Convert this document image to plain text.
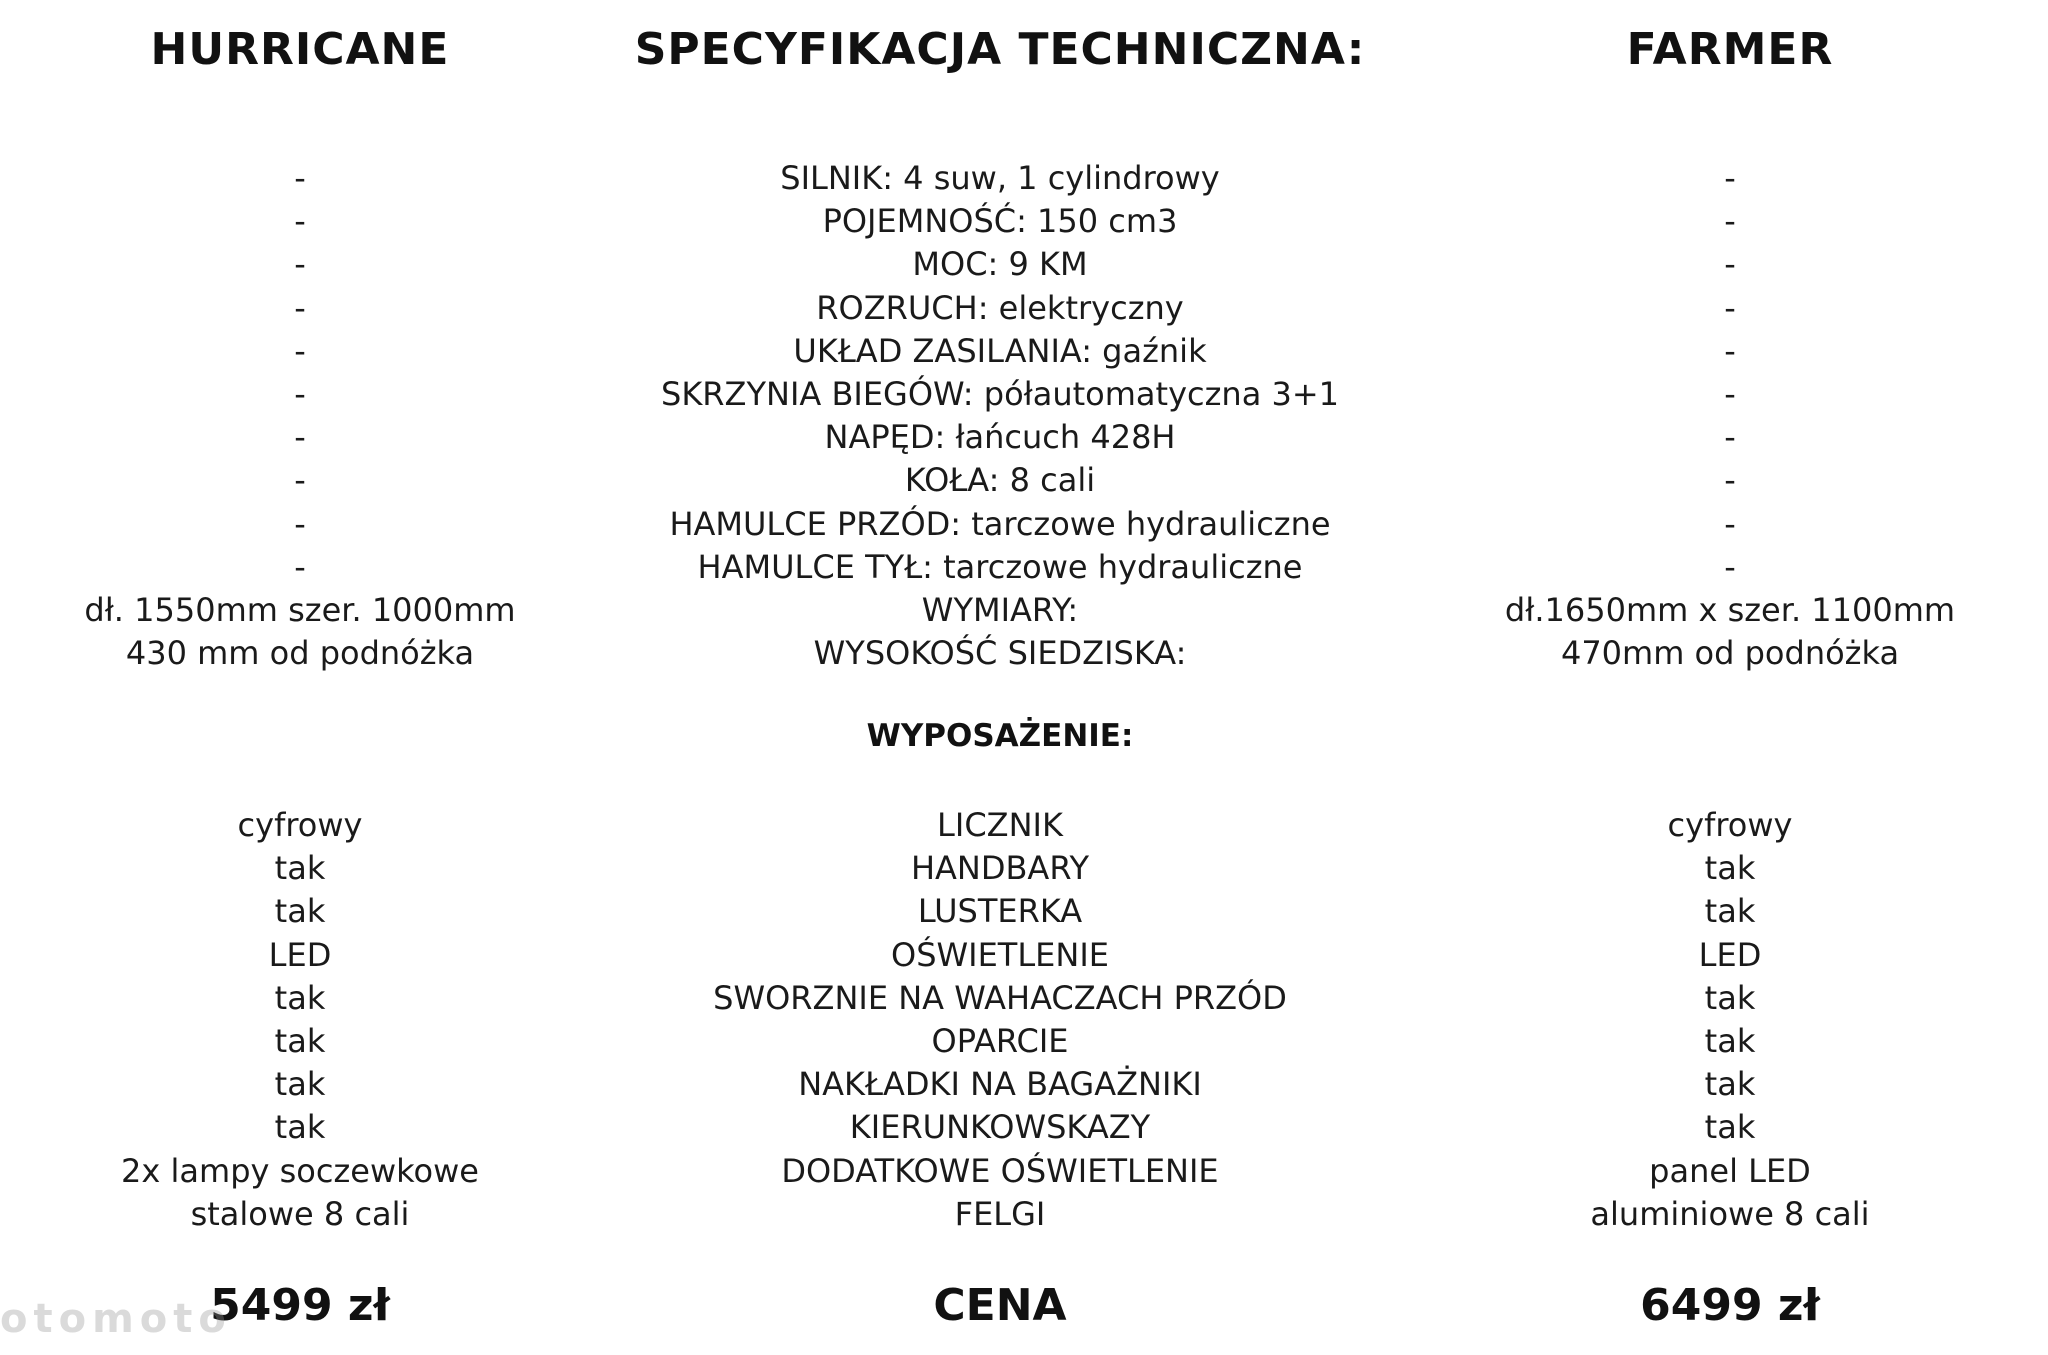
HURRICANE
-
-
-
-
-
-
-
-
-
-
dł. 1550mm szer. 1000mm
430 mm od podnóżka
cyfrowy
tak
tak
LED
tak
tak
tak
tak
2x lampy soczewkowe
stalowe 8 cali
5499 zł
SPECYFIKACJA TECHNICZNA:
SILNIK: 4 suw, 1 cylindrowy
POJEMNOŚĆ: 150 cm3
MOC: 9 KM
ROZRUCH: elektryczny
UKŁAD ZASILANIA: gaźnik
SKRZYNIA BIEGÓW: półautomatyczna 3+1
NAPĘD: łańcuch 428H
KOŁA: 8 cali
HAMULCE PRZÓD: tarczowe hydrauliczne
HAMULCE TYŁ: tarczowe hydrauliczne
WYMIARY:
WYSOKOŚĆ SIEDZISKA:
WYPOSAŻENIE:
LICZNIK
HANDBARY
LUSTERKA
OŚWIETLENIE
SWORZNIE NA WAHACZACH PRZÓD
OPARCIE
NAKŁADKI NA BAGAŻNIKI
KIERUNKOWSKAZY
DODATKOWE OŚWIETLENIE
FELGI
CENA
FARMER
-
-
-
-
-
-
-
-
-
-
dł.1650mm x szer. 1100mm
470mm od podnóżka
cyfrowy
tak
tak
LED
tak
tak
tak
tak
panel LED
aluminiowe 8 cali
6499 zł
otomoto
